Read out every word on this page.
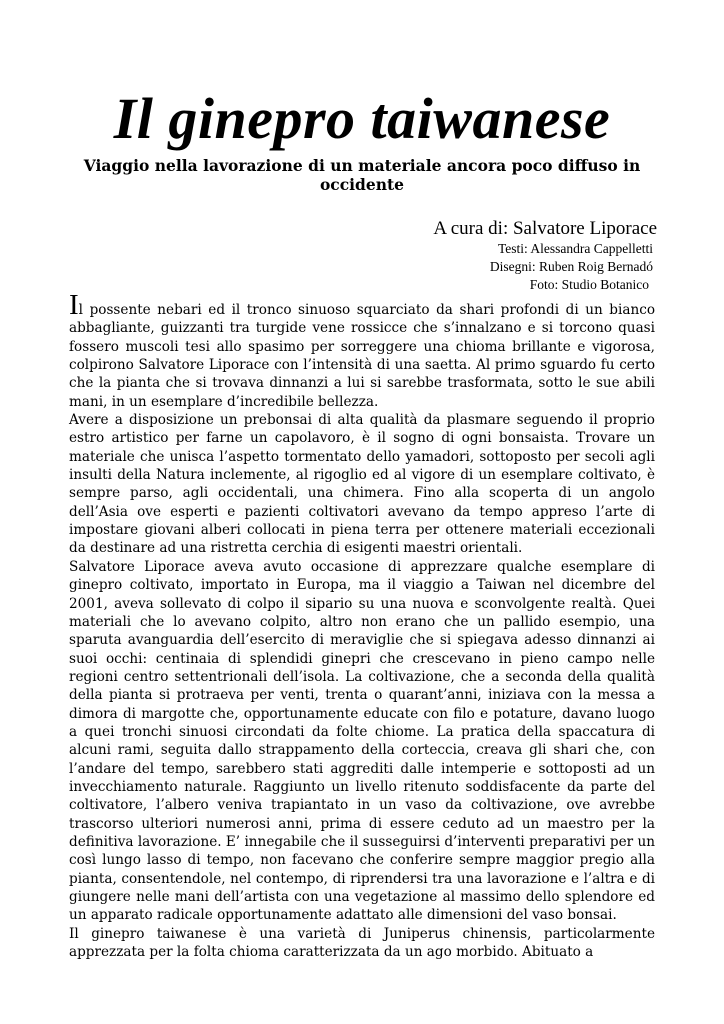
Il ginepro taiwanese
Viaggio nella lavorazione di un materiale ancora poco diffuso in occidente
A cura di: Salvatore Liporace
Testi: Alessandra Cappelletti
Disegni: Ruben Roig Bernadó
Foto: Studio Botanico

Il possente nebari ed il tronco sinuoso squarciato da shari profondi di un bianco abbagliante, guizzanti tra turgide vene rossicce che s’innalzano e si torcono quasi fossero muscoli tesi allo spasimo per sorreggere una chioma brillante e vigorosa, colpirono Salvatore Liporace con l’intensità di una saetta. Al primo sguardo fu certo che la pianta che si trovava dinnanzi a lui si sarebbe trasformata, sotto le sue abili mani, in un esemplare d’incredibile bellezza.

Avere a disposizione un prebonsai di alta qualità da plasmare seguendo il proprio estro artistico per farne un capolavoro, è il sogno di ogni bonsaista. Trovare un materiale che unisca l’aspetto tormentato dello yamadori, sottoposto per secoli agli insulti della Natura inclemente, al rigoglio ed al vigore di un esemplare coltivato, è sempre parso, agli occidentali, una chimera. Fino alla scoperta di un angolo dell’Asia ove esperti e pazienti coltivatori avevano da tempo appreso l’arte di impostare giovani alberi collocati in piena terra per ottenere materiali eccezionali da destinare ad una ristretta cerchia di esigenti maestri orientali.

Salvatore Liporace aveva avuto occasione di apprezzare qualche esemplare di ginepro coltivato, importato in Europa, ma il viaggio a Taiwan nel dicembre del 2001, aveva sollevato di colpo il sipario su una nuova e sconvolgente realtà. Quei materiali che lo avevano colpito, altro non erano che un pallido esempio, una sparuta avanguardia dell’esercito di meraviglie che si spiegava adesso dinnanzi ai suoi occhi: centinaia di splendidi ginepri che crescevano in pieno campo nelle regioni centro settentrionali dell’isola. La coltivazione, che a seconda della qualità della pianta si protraeva per venti, trenta o quarant’anni, iniziava con la messa a dimora di margotte che, opportunamente educate con filo e potature, davano luogo a quei tronchi sinuosi circondati da folte chiome. La pratica della spaccatura di alcuni rami, seguita dallo strappamento della corteccia, creava gli shari che, con l’andare del tempo, sarebbero stati aggrediti dalle intemperie e sottoposti ad un invecchiamento naturale. Raggiunto un livello ritenuto soddisfacente da parte del coltivatore, l’albero veniva trapiantato in un vaso da coltivazione, ove avrebbe trascorso ulteriori numerosi anni, prima di essere ceduto ad un maestro per la definitiva lavorazione. E’ innegabile che il susseguirsi d’interventi preparativi per un così lungo lasso di tempo, non facevano che conferire sempre maggior pregio alla pianta, consentendole, nel contempo, di riprendersi tra una lavorazione e l’altra e di giungere nelle mani dell’artista con una vegetazione al massimo dello splendore ed un apparato radicale opportunamente adattato alle dimensioni del vaso bonsai.

Il ginepro taiwanese è una varietà di Juniperus chinensis, particolarmente apprezzata per la folta chioma caratterizzata da un ago morbido. Abituato a
